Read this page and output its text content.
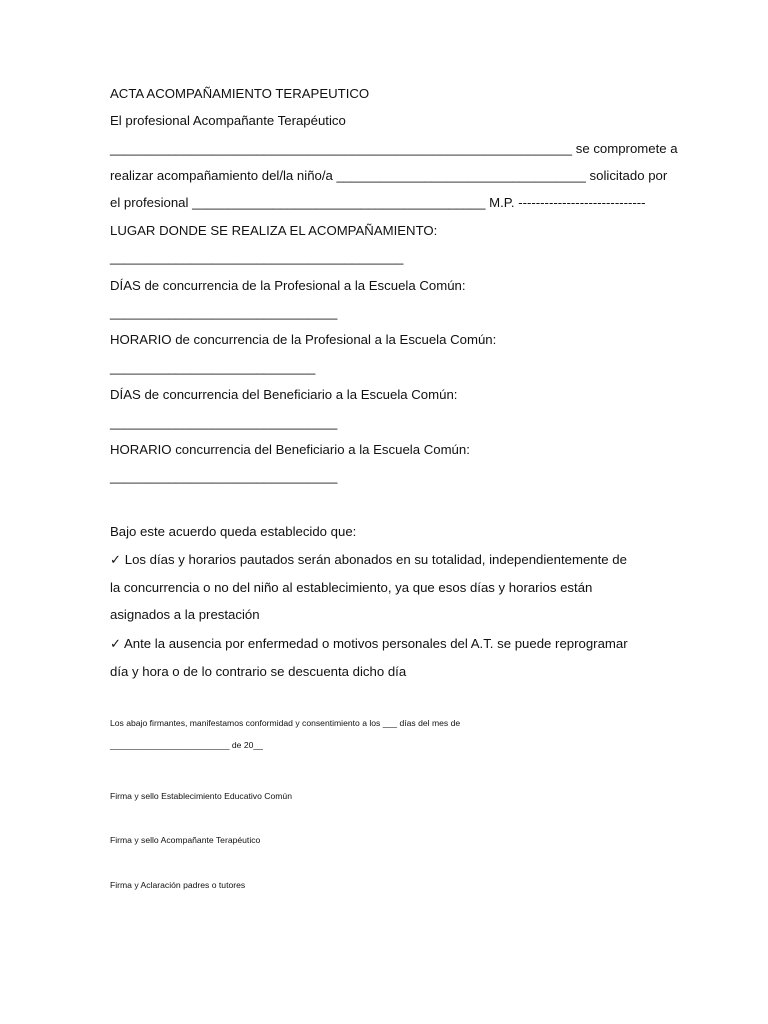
ACTA ACOMPAÑAMIENTO TERAPEUTICO

El profesional Acompañante Terapéutico

_______________________________________________________________ se compromete a

realizar acompañamiento del/la niño/a __________________________________ solicitado por

el profesional ________________________________________ M.P. -----------------------------

LUGAR DONDE SE REALIZA EL ACOMPAÑAMIENTO:

________________________________________

DÍAS de concurrencia de la Profesional a la Escuela Común:

_______________________________

HORARIO de concurrencia de la Profesional a la Escuela Común:

____________________________

DÍAS de concurrencia del Beneficiario a la Escuela Común:

_______________________________

HORARIO concurrencia del Beneficiario a la Escuela Común:

_______________________________

Bajo este acuerdo queda establecido que:

✓ Los días y horarios pautados serán abonados en su totalidad, independientemente de

la concurrencia o no del niño al establecimiento, ya que esos días y horarios están

asignados a la prestación

✓ Ante la ausencia por enfermedad o motivos personales del A.T. se puede reprogramar

día y hora o de lo contrario se descuenta dicho día

Los abajo firmantes, manifestamos conformidad y consentimiento a los ___ días del mes de

_________________________ de 20__

Firma y sello Establecimiento Educativo Común

Firma y sello Acompañante Terapéutico

Firma y Aclaración padres o tutores
